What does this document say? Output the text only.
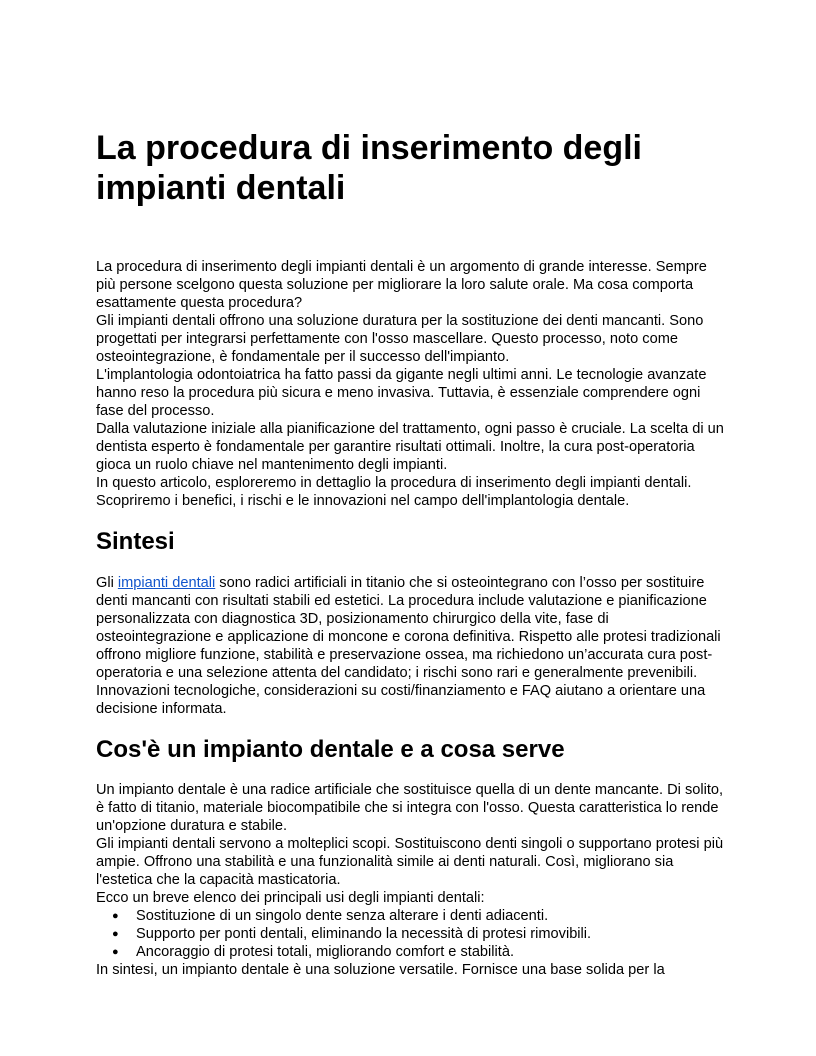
La procedura di inserimento degli impianti dentali

La procedura di inserimento degli impianti dentali è un argomento di grande interesse. Sempre più persone scelgono questa soluzione per migliorare la loro salute orale. Ma cosa comporta esattamente questa procedura?

Gli impianti dentali offrono una soluzione duratura per la sostituzione dei denti mancanti. Sono progettati per integrarsi perfettamente con l'osso mascellare. Questo processo, noto come osteointegrazione, è fondamentale per il successo dell'impianto.

L'implantologia odontoiatrica ha fatto passi da gigante negli ultimi anni. Le tecnologie avanzate hanno reso la procedura più sicura e meno invasiva. Tuttavia, è essenziale comprendere ogni fase del processo.

Dalla valutazione iniziale alla pianificazione del trattamento, ogni passo è cruciale. La scelta di un dentista esperto è fondamentale per garantire risultati ottimali. Inoltre, la cura post-operatoria gioca un ruolo chiave nel mantenimento degli impianti.

In questo articolo, esploreremo in dettaglio la procedura di inserimento degli impianti dentali. Scopriremo i benefici, i rischi e le innovazioni nel campo dell'implantologia dentale.

Sintesi

Gli impianti dentali sono radici artificiali in titanio che si osteointegrano con l’osso per sostituire denti mancanti con risultati stabili ed estetici. La procedura include valutazione e pianificazione personalizzata con diagnostica 3D, posizionamento chirurgico della vite, fase di osteointegrazione e applicazione di moncone e corona definitiva. Rispetto alle protesi tradizionali offrono migliore funzione, stabilità e preservazione ossea, ma richiedono un’accurata cura post-operatoria e una selezione attenta del candidato; i rischi sono rari e generalmente prevenibili. Innovazioni tecnologiche, considerazioni su costi/finanziamento e FAQ aiutano a orientare una decisione informata.

Cos'è un impianto dentale e a cosa serve

Un impianto dentale è una radice artificiale che sostituisce quella di un dente mancante. Di solito, è fatto di titanio, materiale biocompatibile che si integra con l'osso. Questa caratteristica lo rende un'opzione duratura e stabile.

Gli impianti dentali servono a molteplici scopi. Sostituiscono denti singoli o supportano protesi più ampie. Offrono una stabilità e una funzionalità simile ai denti naturali. Così, migliorano sia l'estetica che la capacità masticatoria.

Ecco un breve elenco dei principali usi degli impianti dentali:

● Sostituzione di un singolo dente senza alterare i denti adiacenti.
● Supporto per ponti dentali, eliminando la necessità di protesi rimovibili.
● Ancoraggio di protesi totali, migliorando comfort e stabilità.

In sintesi, un impianto dentale è una soluzione versatile. Fornisce una base solida per la
